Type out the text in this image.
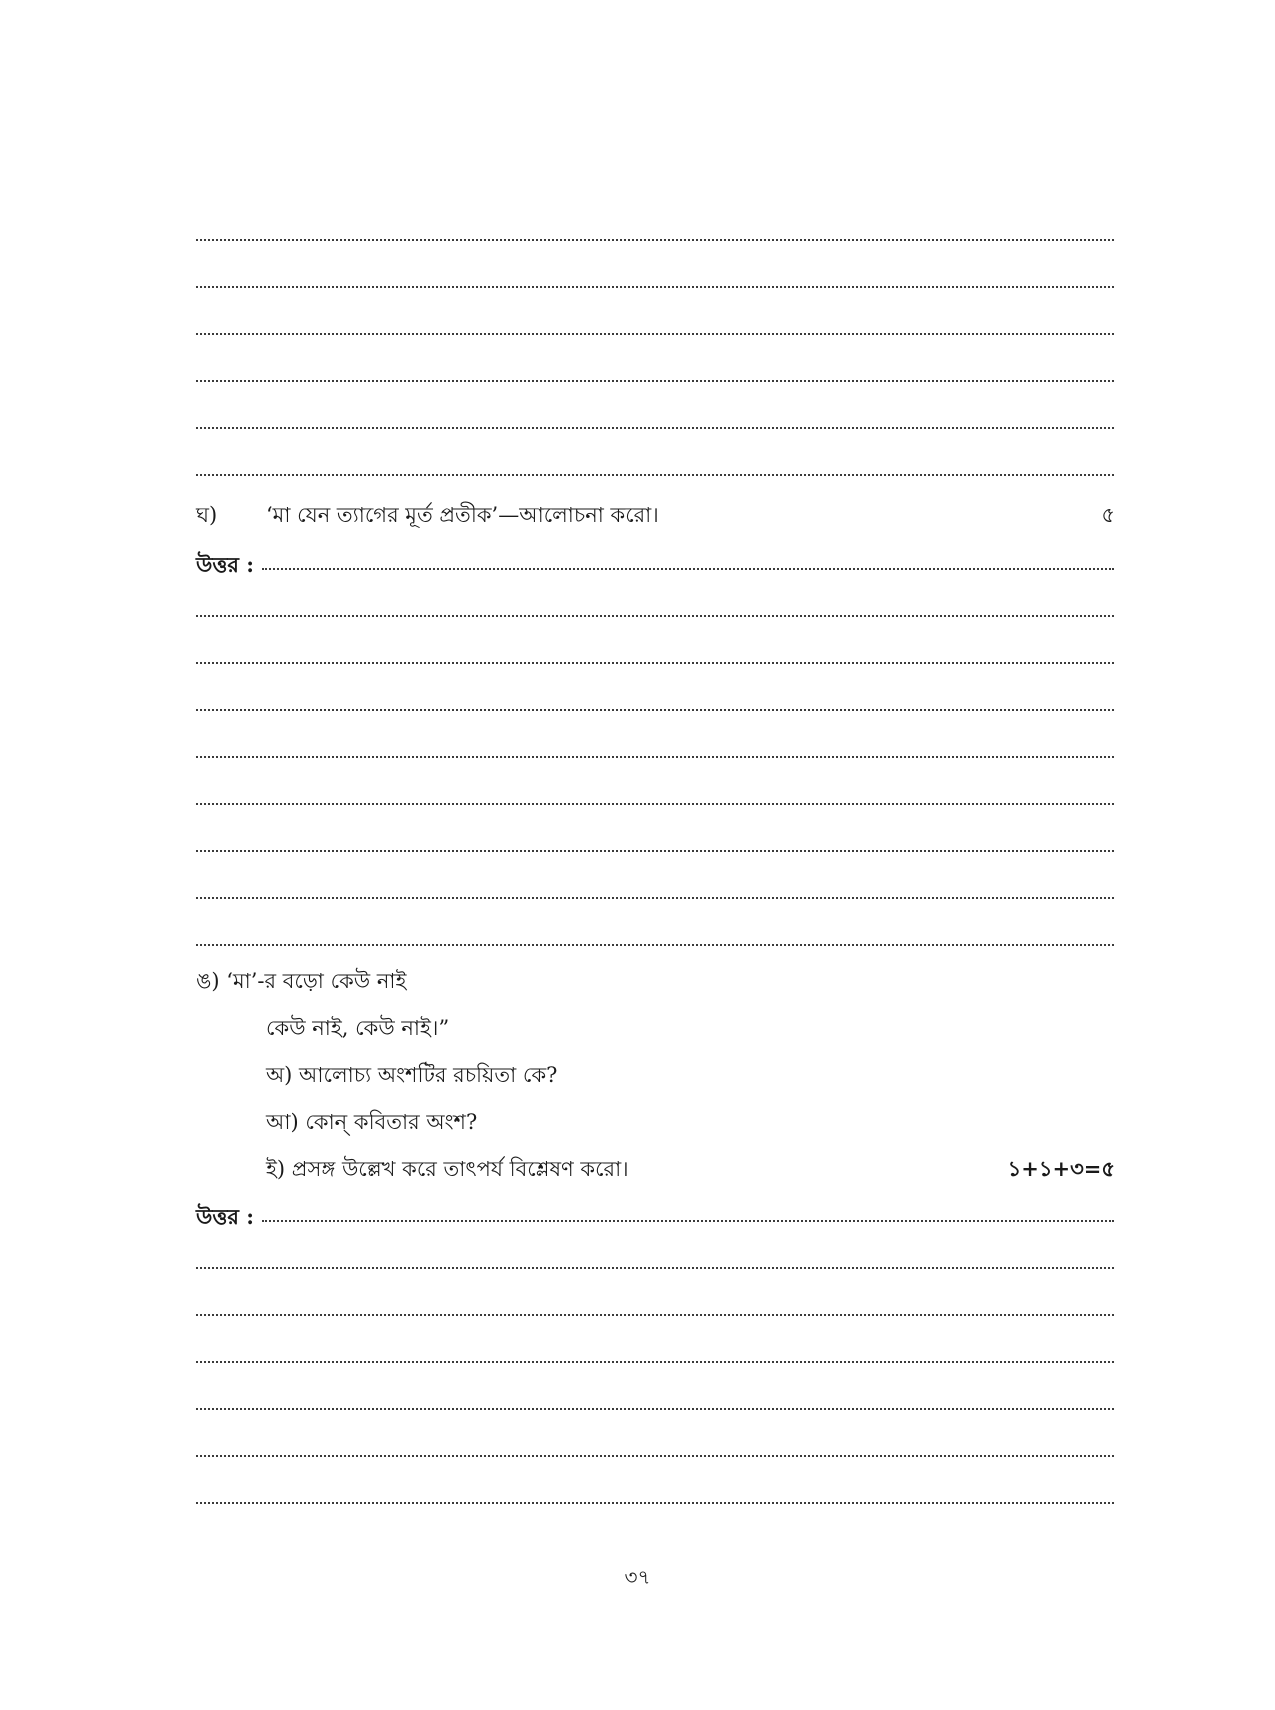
ঘ) ‘মা যেন ত্যাগের মূর্ত প্রতীক’—আলোচনা করো।	৫
উত্তর :
ঙ) ‘মা’-র বড়ো কেউ নাই
কেউ নাই, কেউ নাই।”
অ) আলোচ্য অংশটির রচয়িতা কে?
আ) কোন্ কবিতার অংশ?
ই) প্রসঙ্গ উল্লেখ করে তাৎপর্য বিশ্লেষণ করো।	১+১+৩=৫
উত্তর :
৩৭
